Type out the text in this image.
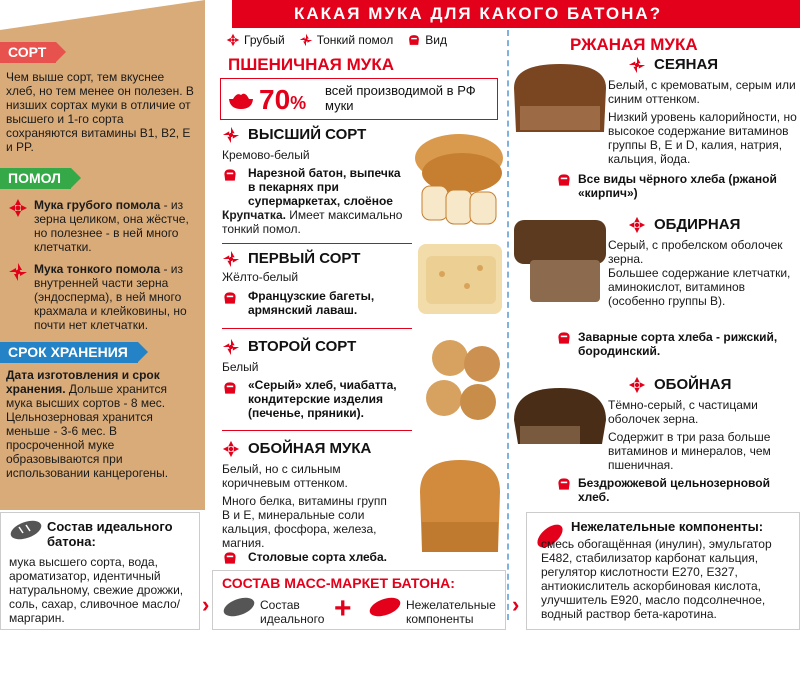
КАКАЯ МУКА ДЛЯ КАКОГО БАТОНА?
СОРТ
Чем выше сорт, тем вкуснее хлеб, но тем менее он полезен. В низших сортах муки в отличие от высшего и 1-го сорта сохраняются витамины B1, B2, E и PP.
ПОМОЛ
Мука грубого помола - из зерна целиком, она жёстче, но полезнее - в ней много клетчатки.
Мука тонкого помола - из внутренней части зерна (эндосперма), в ней много крахмала и клейковины, но почти нет клетчатки.
СРОК ХРАНЕНИЯ
Дата изготовления и срок хранения. Дольше хранится мука высших сортов - 8 мес. Цельнозерновая хранится меньше - 3-6 мес. В просроченной муке образовываются при использовании канцерогены.
Грубый	Тонкий помол	Вид
ПШЕНИЧНАЯ МУКА
70%
всей производимой в РФ муки
ВЫСШИЙ СОРТ
Кремово-белый
Нарезной батон, выпечка в пекарнях при супермаркетах, слоёное
Крупчатка. Имеет максимально тонкий помол.
ПЕРВЫЙ СОРТ
Жёлто-белый
Французские багеты, армянский лаваш.
ВТОРОЙ СОРТ
Белый
«Серый» хлеб, чиабатта, кондитерские изделия (печенье, пряники).
ОБОЙНАЯ МУКА
Белый, но с сильным коричневым оттенком.
Много белка, витамины групп B и E, минеральные соли кальция, фосфора, железа, магния.
Столовые сорта хлеба.
РЖАНАЯ МУКА
СЕЯНАЯ
Белый, с кремоватым, серым или синим оттенком.
Низкий уровень калорийности, но высокое содержание витаминов группы В, Е и D, калия, натрия, кальция, йода.
Все виды чёрного хлеба (ржаной «кирпич»)
ОБДИРНАЯ
Серый, с пробелском оболочек зерна.
Большее содержание клетчатки, аминокислот, витаминов (особенно группы В).
Заварные сорта хлеба - рижский, бородинский.
ОБОЙНАЯ
Тёмно-серый, с частицами оболочек зерна.
Содержит в три раза больше витаминов и минералов, чем пшеничная.
Бездрожжевой цельнозерновой хлеб.
Состав идеального батона:
мука высшего сорта, вода, ароматизатор, идентичный натуральному, свежие дрожжи, соль, сахар, сливочное масло/маргарин.
СОСТАВ МАСС-МАРКЕТ БАТОНА:
Состав идеального +	Нежелательные компоненты
›	›
Нежелательные компоненты:
смесь обогащённая (инулин), эмульгатор E482, стабилизатор карбонат кальция, регулятор кислотности E270, E327, антиокислитель аскорбиновая кислота, улучшитель E920, масло подсолнечное, водный раствор бета-каротина.
